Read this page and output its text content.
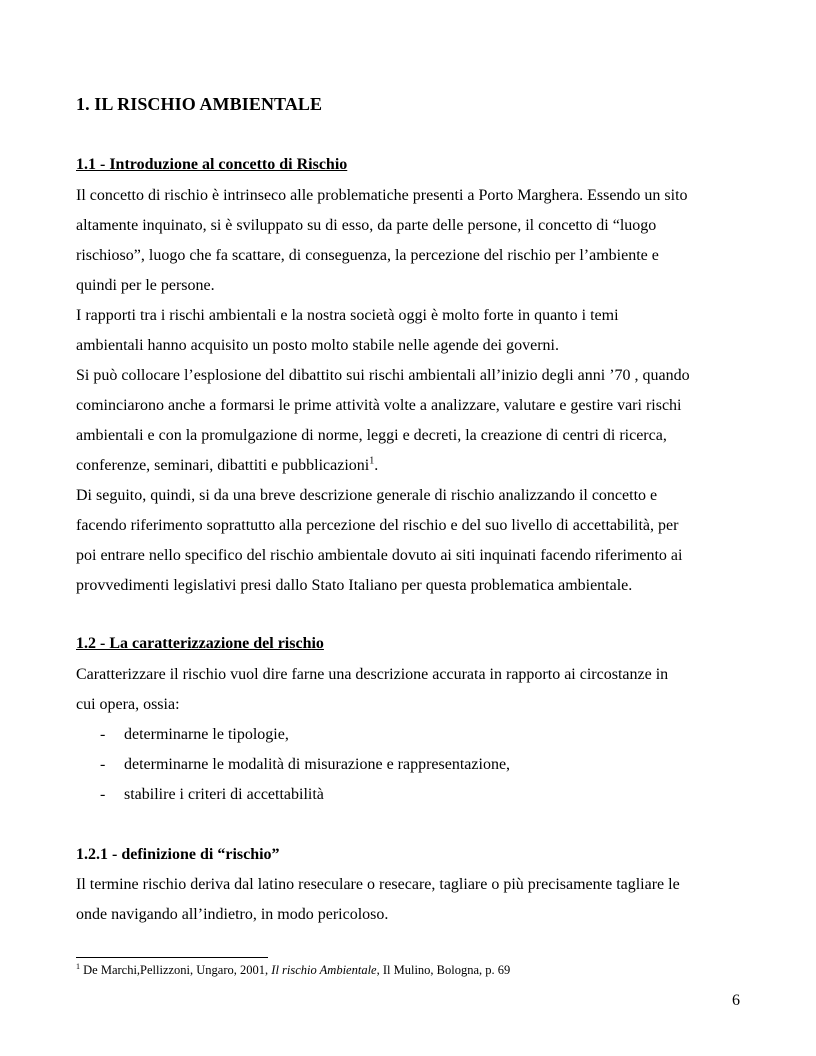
1. IL RISCHIO AMBIENTALE
1.1 - Introduzione al concetto di Rischio
Il concetto di rischio è intrinseco alle problematiche presenti a Porto Marghera. Essendo un sito
altamente inquinato, si è sviluppato su di esso, da parte delle persone, il concetto di “luogo
rischioso”, luogo che fa scattare, di conseguenza, la percezione del rischio per l’ambiente e
quindi per le persone.
I rapporti tra i rischi ambientali e la nostra società oggi è molto forte in quanto i temi
ambientali hanno acquisito un posto molto stabile nelle agende dei governi.
Si può collocare l’esplosione del dibattito sui rischi ambientali all’inizio degli anni ’70 , quando
cominciarono anche a formarsi le prime attività volte a analizzare, valutare e gestire vari rischi
ambientali e con la promulgazione di norme, leggi e decreti, la creazione di centri di ricerca,
conferenze, seminari, dibattiti e pubblicazioni$^1$.
Di seguito, quindi, si da una breve descrizione generale di rischio analizzando il concetto e
facendo riferimento soprattutto alla percezione del rischio e del suo livello di accettabilità, per
poi entrare nello specifico del rischio ambientale dovuto ai siti inquinati facendo riferimento ai
provvedimenti legislativi presi dallo Stato Italiano per questa problematica ambientale.
1.2 - La caratterizzazione del rischio
Caratterizzare il rischio vuol dire farne una descrizione accurata in rapporto ai circostanze in
cui opera, ossia:
- determinarne le tipologie,
- determinarne le modalità di misurazione e rappresentazione,
- stabilire i criteri di accettabilità
1.2.1 - definizione di “rischio”
Il termine rischio deriva dal latino reseculare o resecare, tagliare o più precisamente tagliare le
onde navigando all’indietro, in modo pericoloso.
$^1$ De Marchi,Pellizzoni, Ungaro, 2001, Il rischio Ambientale, Il Mulino, Bologna, p. 69
6
